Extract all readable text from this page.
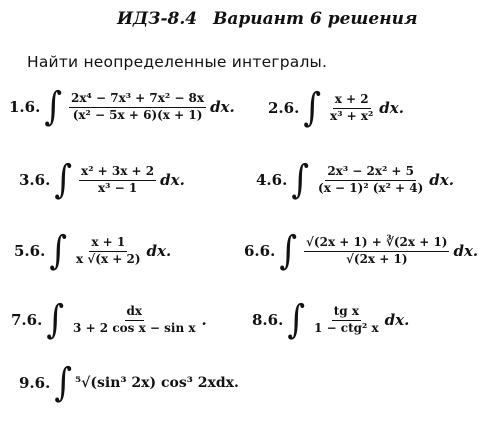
ИДЗ-8.4 Вариант 6 решения
Найти неопределенные интегралы.
1.6. ∫ $\frac{\text{2x⁴ − 7x³ + 7x² − 8x}}{\text{(x² − 5x + 6)(x + 1)}}$ dx. 2.6. ∫ $\frac{x + 2}{\text{x³ + x²}}$ dx.
3.6. ∫ $\frac{\text{x² + 3x + 2}}{\text{x³ − 1}}$ dx.	4.6. ∫ $\frac{\text{2x³ − 2x² + 5}}{\text{(x − 1)² (x² + 4)}}$ dx.
5.6. ∫ $\frac{x + 1}{x √(x + 2)}$ dx.	6.6. ∫ $\frac{√(2x + 1) + ∛(2x + 1)}{√(2x + 1)}$ dx.
7.6. ∫ $\frac{dx}{\text{3 + 2 cos x − sin x}}$ .	8.6. ∫ $\frac{\text{tg x}}{\text{1 − ctg² x}}$ dx.
9.6. ∫ ⁵√(sin³ 2x) cos³ 2xdx.
